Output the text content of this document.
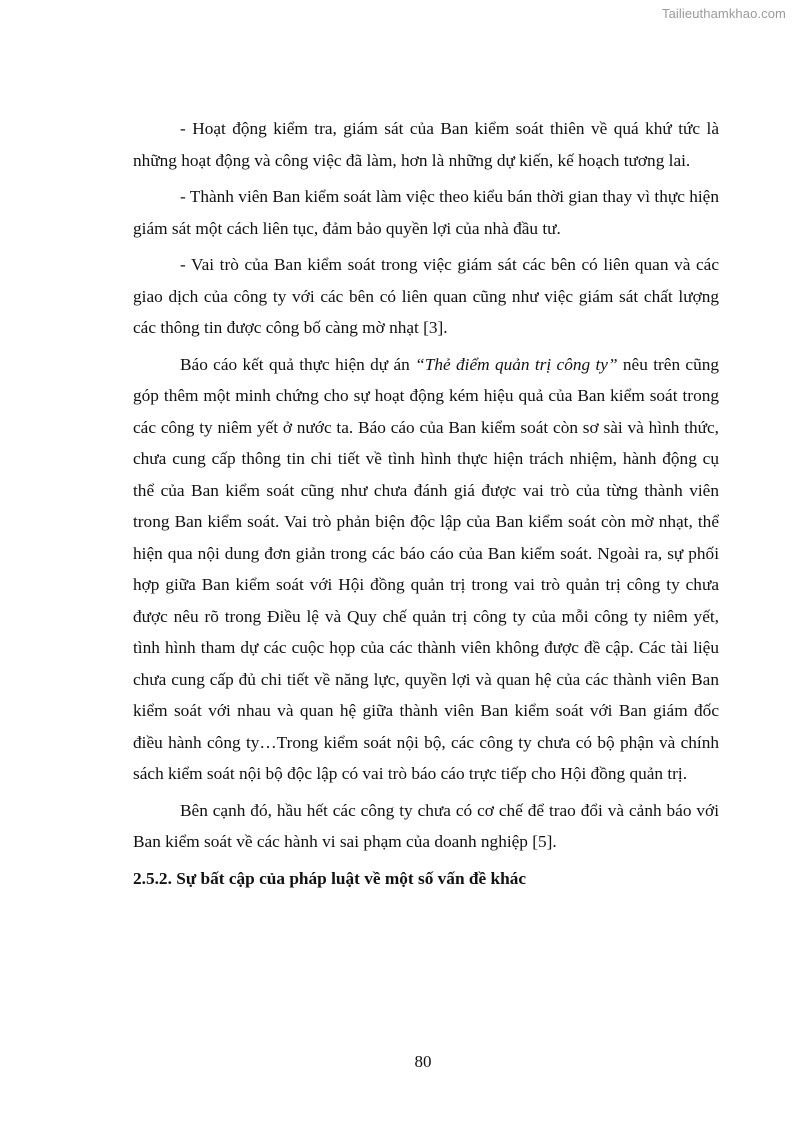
Tailieuthamkhao.com

- Hoạt động kiểm tra, giám sát của Ban kiểm soát thiên về quá khứ tức là những hoạt động và công việc đã làm, hơn là những dự kiến, kế hoạch tương lai.

- Thành viên Ban kiểm soát làm việc theo kiểu bán thời gian thay vì thực hiện giám sát một cách liên tục, đảm bảo quyền lợi của nhà đầu tư.

- Vai trò của Ban kiểm soát trong việc giám sát các bên có liên quan và các giao dịch của công ty với các bên có liên quan cũng như việc giám sát chất lượng các thông tin được công bố càng mờ nhạt [3].

Báo cáo kết quả thực hiện dự án “Thẻ điểm quản trị công ty” nêu trên cũng góp thêm một minh chứng cho sự hoạt động kém hiệu quả của Ban kiểm soát trong các công ty niêm yết ở nước ta. Báo cáo của Ban kiểm soát còn sơ sài và hình thức, chưa cung cấp thông tin chi tiết về tình hình thực hiện trách nhiệm, hành động cụ thể của Ban kiểm soát cũng như chưa đánh giá được vai trò của từng thành viên trong Ban kiểm soát. Vai trò phản biện độc lập của Ban kiểm soát còn mờ nhạt, thể hiện qua nội dung đơn giản trong các báo cáo của Ban kiểm soát. Ngoài ra, sự phối hợp giữa Ban kiểm soát với Hội đồng quản trị trong vai trò quản trị công ty chưa được nêu rõ trong Điều lệ và Quy chế quản trị công ty của mỗi công ty niêm yết, tình hình tham dự các cuộc họp của các thành viên không được đề cập. Các tài liệu chưa cung cấp đủ chi tiết về năng lực, quyền lợi và quan hệ của các thành viên Ban kiểm soát với nhau và quan hệ giữa thành viên Ban kiểm soát với Ban giám đốc điều hành công ty…Trong kiểm soát nội bộ, các công ty chưa có bộ phận và chính sách kiểm soát nội bộ độc lập có vai trò báo cáo trực tiếp cho Hội đồng quản trị.

Bên cạnh đó, hầu hết các công ty chưa có cơ chế để trao đổi và cảnh báo với Ban kiểm soát về các hành vi sai phạm của doanh nghiệp [5].

2.5.2. Sự bất cập của pháp luật về một số vấn đề khác

80
